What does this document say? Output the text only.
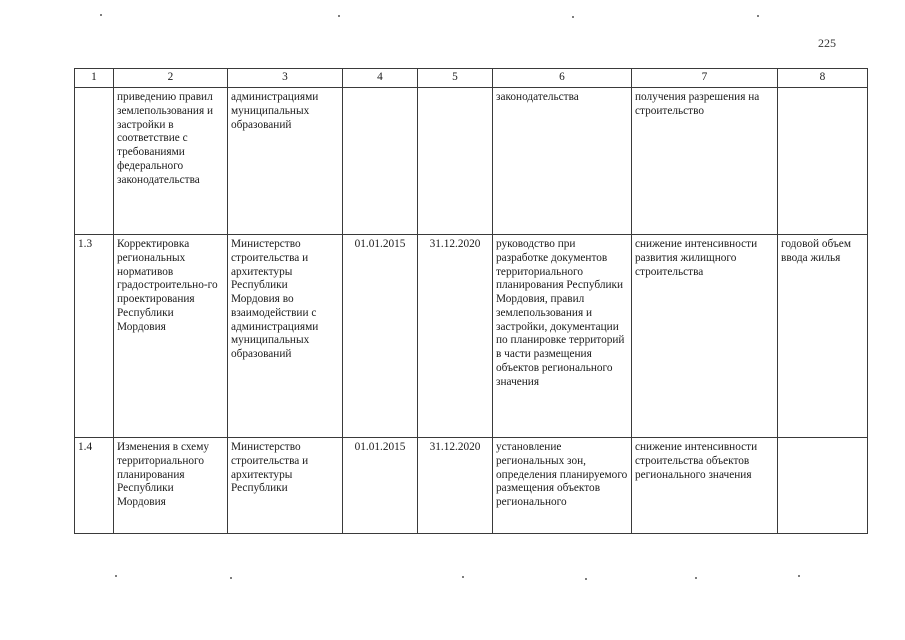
225
1	2	3	4	5	6	7	8
	приведению правил землепользования и застройки в соответствие с требованиями федерального законодательства	администрациями муниципальных образований			законодательства	получения разрешения на строительство	
1.3	Корректировка региональных нормативов градостроительно-го проектирования Республики Мордовия	Министерство строительства и архитектуры Республики Мордовия во взаимодействии с администрациями муниципальных образований	01.01.2015	31.12.2020	руководство при разработке документов территориального планирования Республики Мордовия, правил землепользования и застройки, документации по планировке территорий в части размещения объектов регионального значения	снижение интенсивности развития жилищного строительства	годовой объем ввода жилья
1.4	Изменения в схему территориального планирования Республики Мордовия	Министерство строительства и архитектуры Республики	01.01.2015	31.12.2020	установление региональных зон, определения планируемого размещения объектов регионального	снижение интенсивности строительства объектов регионального значения	
